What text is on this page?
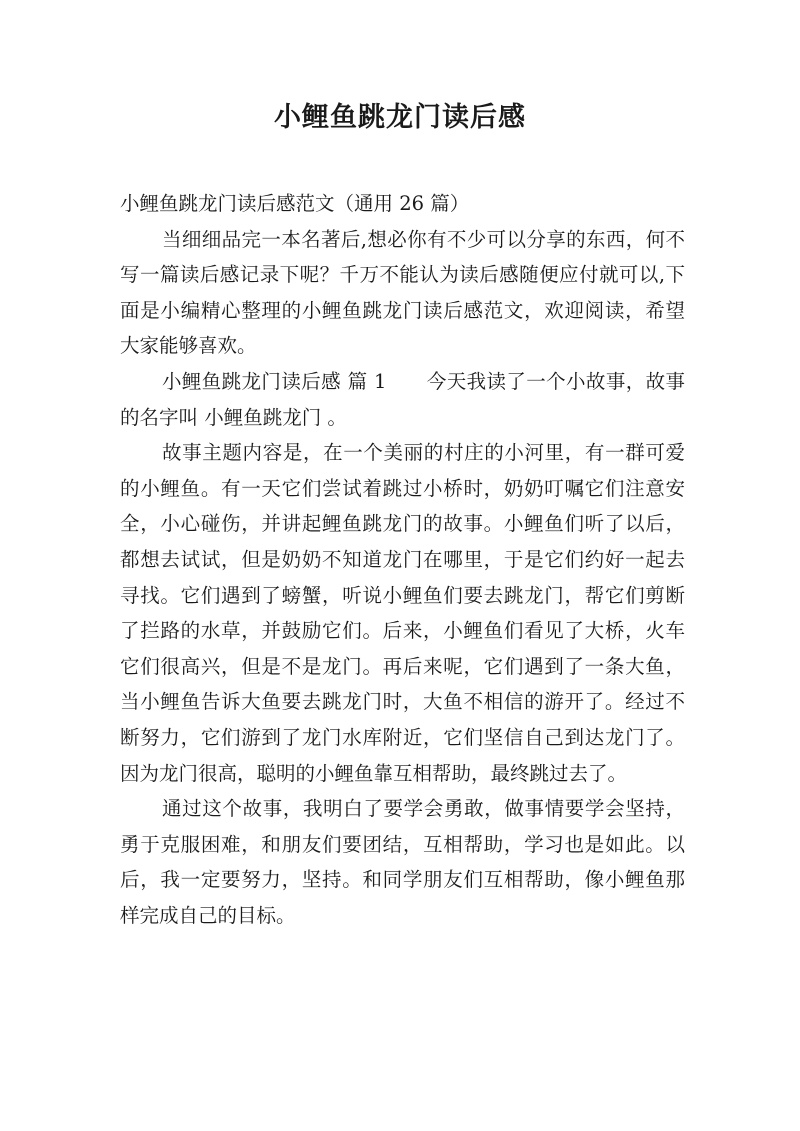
小鲤鱼跳龙门读后感

小鲤鱼跳龙门读后感范文（通用 26 篇）

当细细品完一本名著后,想必你有不少可以分享的东西，何不写一篇读后感记录下呢？千万不能认为读后感随便应付就可以,下面是小编精心整理的小鲤鱼跳龙门读后感范文，欢迎阅读，希望大家能够喜欢。

小鲤鱼跳龙门读后感 篇 1 今天我读了一个小故事，故事的名字叫 小鲤鱼跳龙门 。

故事主题内容是，在一个美丽的村庄的小河里，有一群可爱的小鲤鱼。有一天它们尝试着跳过小桥时，奶奶叮嘱它们注意安全，小心碰伤，并讲起鲤鱼跳龙门的故事。小鲤鱼们听了以后，都想去试试，但是奶奶不知道龙门在哪里，于是它们约好一起去寻找。它们遇到了螃蟹，听说小鲤鱼们要去跳龙门，帮它们剪断了拦路的水草，并鼓励它们。后来，小鲤鱼们看见了大桥，火车它们很高兴，但是不是龙门。再后来呢，它们遇到了一条大鱼，当小鲤鱼告诉大鱼要去跳龙门时，大鱼不相信的游开了。经过不断努力，它们游到了龙门水库附近，它们坚信自己到达龙门了。因为龙门很高，聪明的小鲤鱼靠互相帮助，最终跳过去了。

通过这个故事，我明白了要学会勇敢，做事情要学会坚持，勇于克服困难，和朋友们要团结，互相帮助，学习也是如此。以后，我一定要努力，坚持。和同学朋友们互相帮助，像小鲤鱼那样完成自己的目标。
